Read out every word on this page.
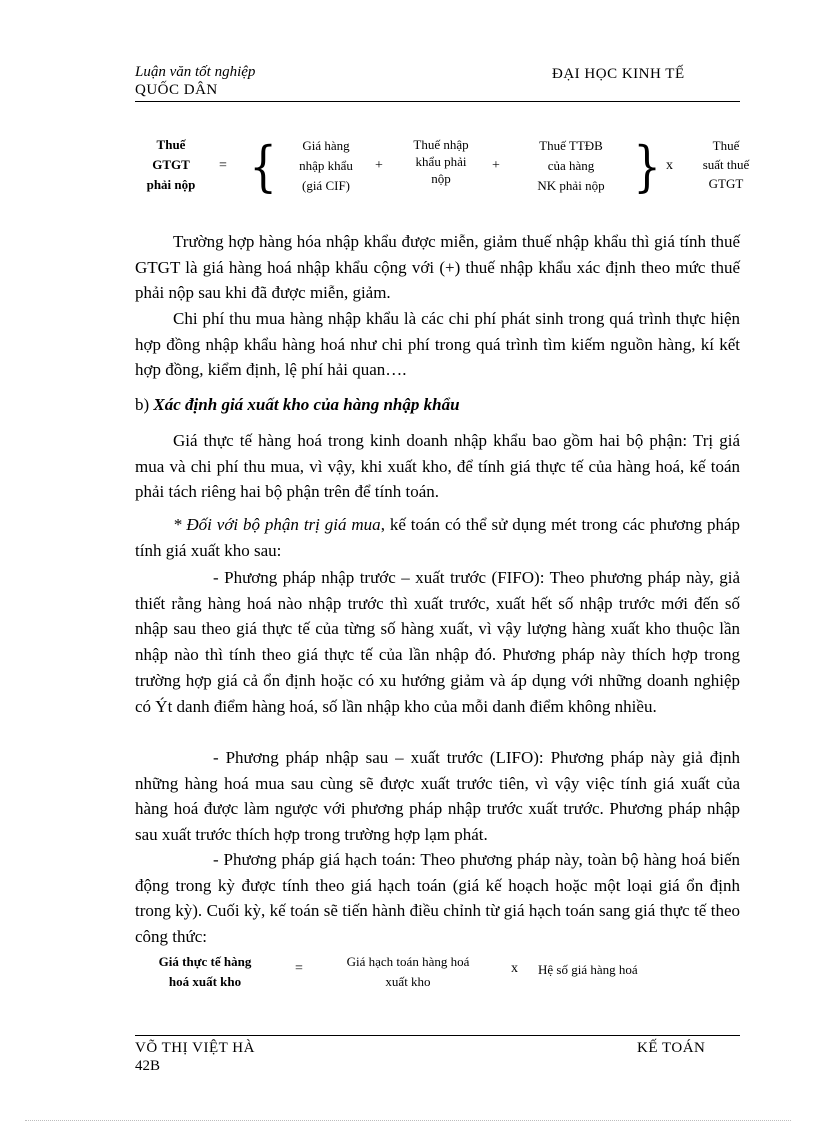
Luận văn tốt nghiệp
QUỐC DÂN
ĐẠI HỌC KINH TẾ
Thuế
GTGT
phải nộp
= {	Giá hàng
nhập khẩu
(giá CIF)
+
Thuế nhập
khẩu phải
nộp
+
Thuế TTĐB
của hàng
NK phải nộp } x
Thuế
suất thuế
GTGT
Trường hợp hàng hóa nhập khẩu được miễn, giảm thuế nhập khẩu thì giá tính thuế GTGT là giá hàng hoá nhập khẩu cộng với (+) thuế nhập khẩu xác định theo mức thuế phải nộp sau khi đã được miễn, giảm.
Chi phí thu mua hàng nhập khẩu là các chi phí phát sinh trong quá trình thực hiện hợp đồng nhập khẩu hàng hoá như chi phí trong quá trình tìm kiếm nguồn hàng, kí kết hợp đồng, kiểm định, lệ phí hải quan….
b) Xác định giá xuất kho của hàng nhập khẩu
Giá thực tế hàng hoá trong kinh doanh nhập khẩu bao gồm hai bộ phận: Trị giá mua và chi phí thu mua, vì vậy, khi xuất kho, để tính giá thực tế của hàng hoá, kế toán phải tách riêng hai bộ phận trên để tính toán.
* Đối với bộ phận trị giá mua, kế toán có thể sử dụng mét trong các phương pháp tính giá xuất kho sau:
- Phương pháp nhập trước – xuất trước (FIFO): Theo phương pháp này, giả thiết rằng hàng hoá nào nhập trước thì xuất trước, xuất hết số nhập trước mới đến số nhập sau theo giá thực tế của từng số hàng xuất, vì vậy lượng hàng xuất kho thuộc lần nhập nào thì tính theo giá thực tế của lần nhập đó. Phương pháp này thích hợp trong trường hợp giá cả ổn định hoặc có xu hướng giảm và áp dụng với những doanh nghiệp có Ýt danh điểm hàng hoá, số lần nhập kho của mỗi danh điểm không nhiều.
- Phương pháp nhập sau – xuất trước (LIFO): Phương pháp này giả định những hàng hoá mua sau cùng sẽ được xuất trước tiên, vì vậy việc tính giá xuất của hàng hoá được làm ngược với phương pháp nhập trước xuất trước. Phương pháp nhập sau xuất trước thích hợp trong trường hợp lạm phát.
- Phương pháp giá hạch toán: Theo phương pháp này, toàn bộ hàng hoá biến động trong kỳ được tính theo giá hạch toán (giá kế hoạch hoặc một loại giá ổn định trong kỳ). Cuối kỳ, kế toán sẽ tiến hành điều chỉnh từ giá hạch toán sang giá thực tế theo công thức:
Giá thực tế hàng
hoá xuất kho
=	Giá hạch toán hàng hoá
xuất kho
x Hệ số giá hàng hoá
VÕ THỊ VIỆT HÀ
42B
KẾ TOÁN
